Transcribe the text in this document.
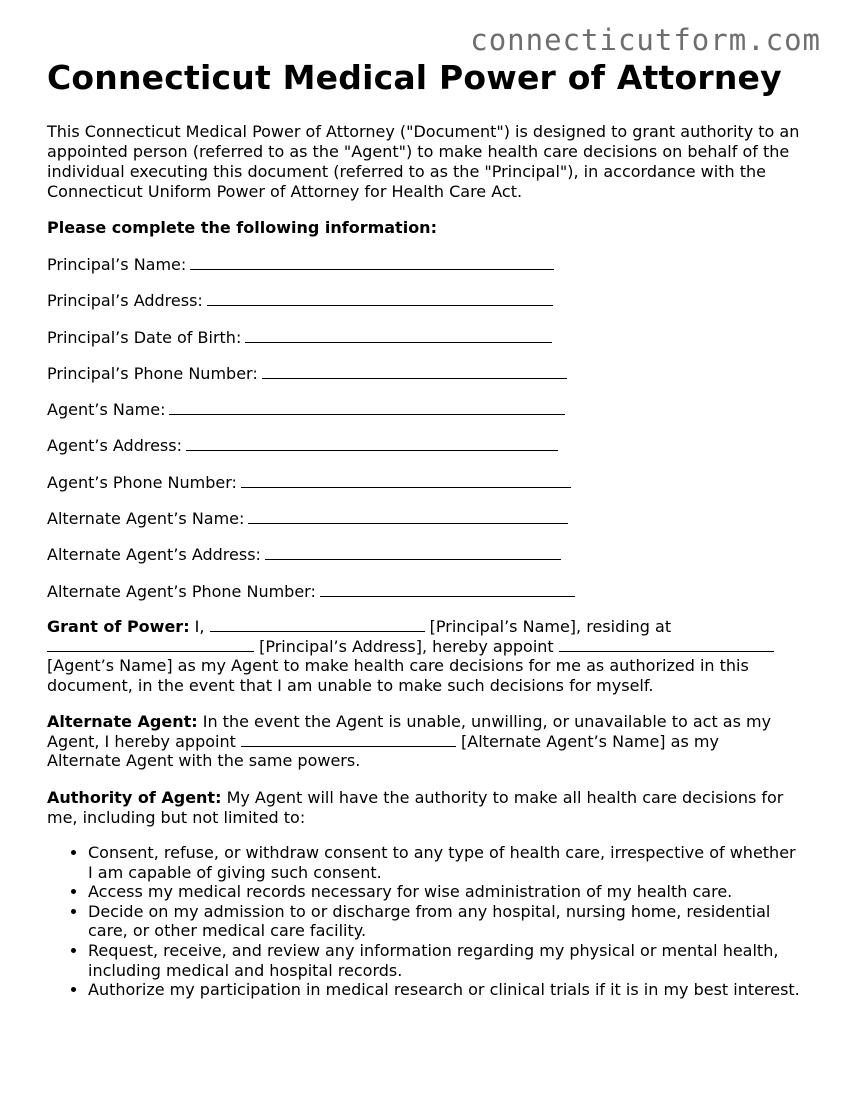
connecticutform.com
Connecticut Medical Power of Attorney

This Connecticut Medical Power of Attorney ("Document") is designed to grant authority to an appointed person (referred to as the "Agent") to make health care decisions on behalf of the individual executing this document (referred to as the "Principal"), in accordance with the Connecticut Uniform Power of Attorney for Health Care Act.

Please complete the following information:

Principal’s Name:
Principal’s Address:
Principal’s Date of Birth:
Principal’s Phone Number:
Agent’s Name:
Agent’s Address:
Agent’s Phone Number:
Alternate Agent’s Name:
Alternate Agent’s Address:
Alternate Agent’s Phone Number:

Grant of Power: I,	[Principal’s Name], residing at  [Principal’s Address], hereby appoint  [Agent’s Name] as my Agent to make health care decisions for me as authorized in this document, in the event that I am unable to make such decisions for myself.

Alternate Agent: In the event the Agent is unable, unwilling, or unavailable to act as my Agent, I hereby appoint	[Alternate Agent’s Name] as my Alternate Agent with the same powers.

Authority of Agent: My Agent will have the authority to make all health care decisions for me, including but not limited to:

• Consent, refuse, or withdraw consent to any type of health care, irrespective of whether I am capable of giving such consent.
• Access my medical records necessary for wise administration of my health care.
• Decide on my admission to or discharge from any hospital, nursing home, residential care, or other medical care facility.
• Request, receive, and review any information regarding my physical or mental health, including medical and hospital records.
• Authorize my participation in medical research or clinical trials if it is in my best interest.
